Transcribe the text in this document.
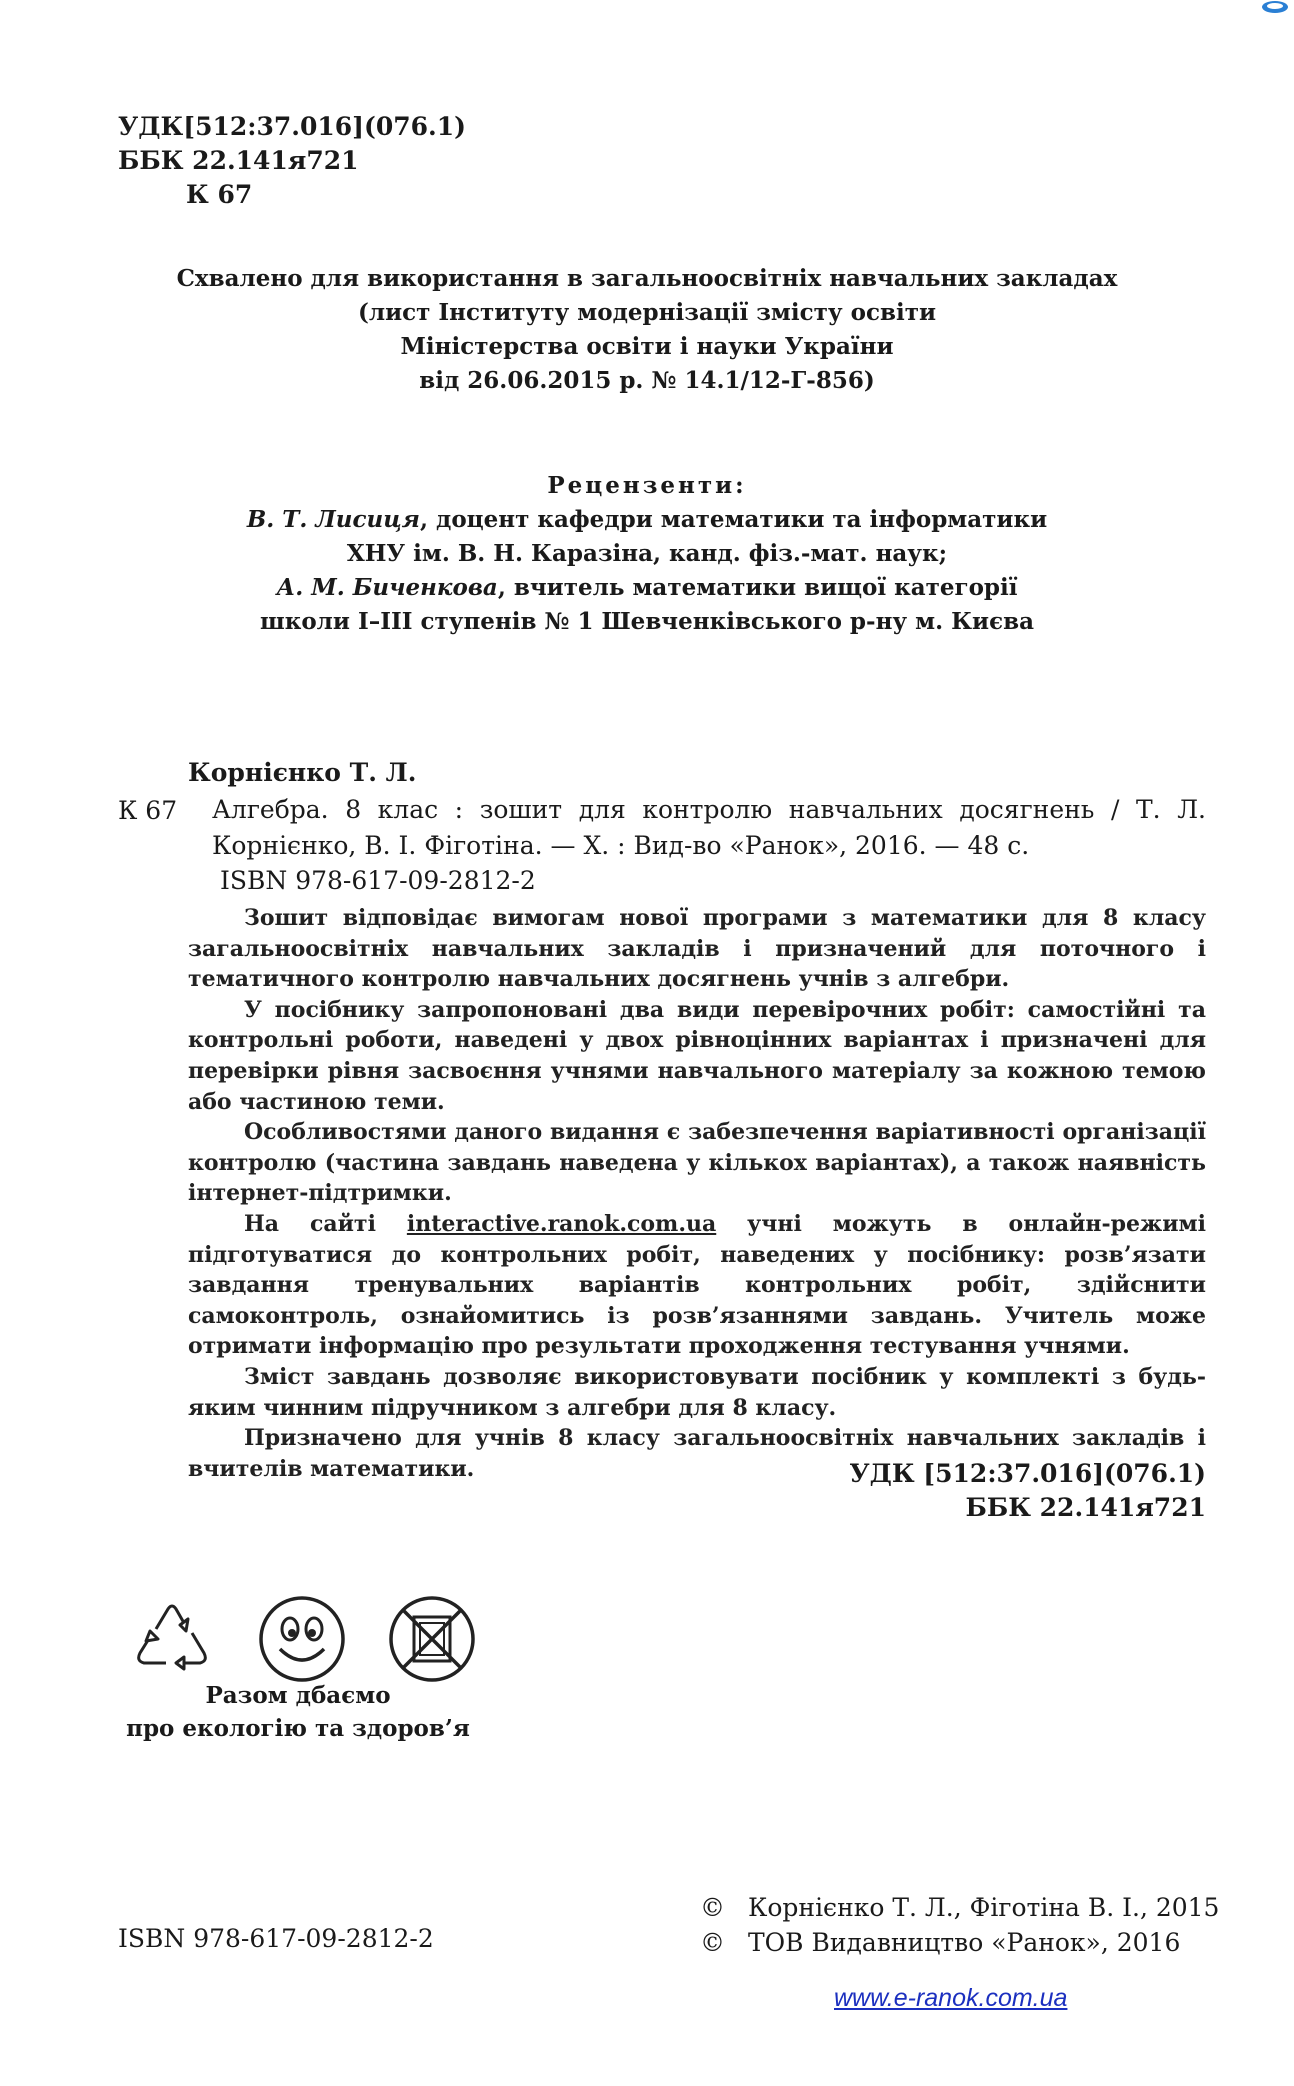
УДК[512:37.016](076.1)
ББК 22.141я721
К 67
Схвалено для використання в загальноосвітніх навчальних закладах
(лист Інституту модернізації змісту освіти
Міністерства освіти і науки України
від 26.06.2015 р. № 14.1/12-Г-856)
Рецензенти:
В. Т. Лисиця, доцент кафедри математики та інформатики
ХНУ ім. В. Н. Каразіна, канд. фіз.-мат. наук;
А. М. Биченкова, вчитель математики вищої категорії
школи І–ІІІ ступенів № 1 Шевченківського р-ну м. Києва
Корнієнко Т. Л.
К 67 Алгебра. 8 клас : зошит для контролю навчальних досягнень / Т. Л. Корнієнко, В. І. Фіготіна. — Х. : Вид-во «Ранок», 2016. — 48 с.
ISBN 978-617-09-2812-2

Зошит відповідає вимогам нової програми з математики для 8 класу загальноосвітніх навчальних закладів і призначений для поточного і тематичного контролю навчальних досягнень учнів з алгебри.

У посібнику запропоновані два види перевірочних робіт: самостійні та контрольні роботи, наведені у двох рівноцінних варіантах і призначені для перевірки рівня засвоєння учнями навчального матеріалу за кожною темою або частиною теми.

Особливостями даного видання є забезпечення варіативності організації контролю (частина завдань наведена у кількох варіантах), а також наявність інтернет-підтримки.

На сайті interactive.ranok.com.ua учні можуть в онлайн-режимі підготуватися до контрольних робіт, наведених у посібнику: розв’язати завдання тренувальних варіантів контрольних робіт, здійснити самоконтроль, ознайомитись із розв’язаннями завдань. Учитель може отримати інформацію про результати проходження тестування учнями.

Зміст завдань дозволяє використовувати посібник у комплекті з будь-яким чинним підручником з алгебри для 8 класу.

Призначено для учнів 8 класу загальноосвітніх навчальних закладів і вчителів математики.	УДК [512:37.016](076.1)
ББК 22.141я721
Разом дбаємо
про екологію та здоров’я
ISBN 978-617-09-2812-2
© Корнієнко Т. Л., Фіготіна В. І., 2015
© ТОВ Видавництво «Ранок», 2016
www.e-ranok.com.ua
